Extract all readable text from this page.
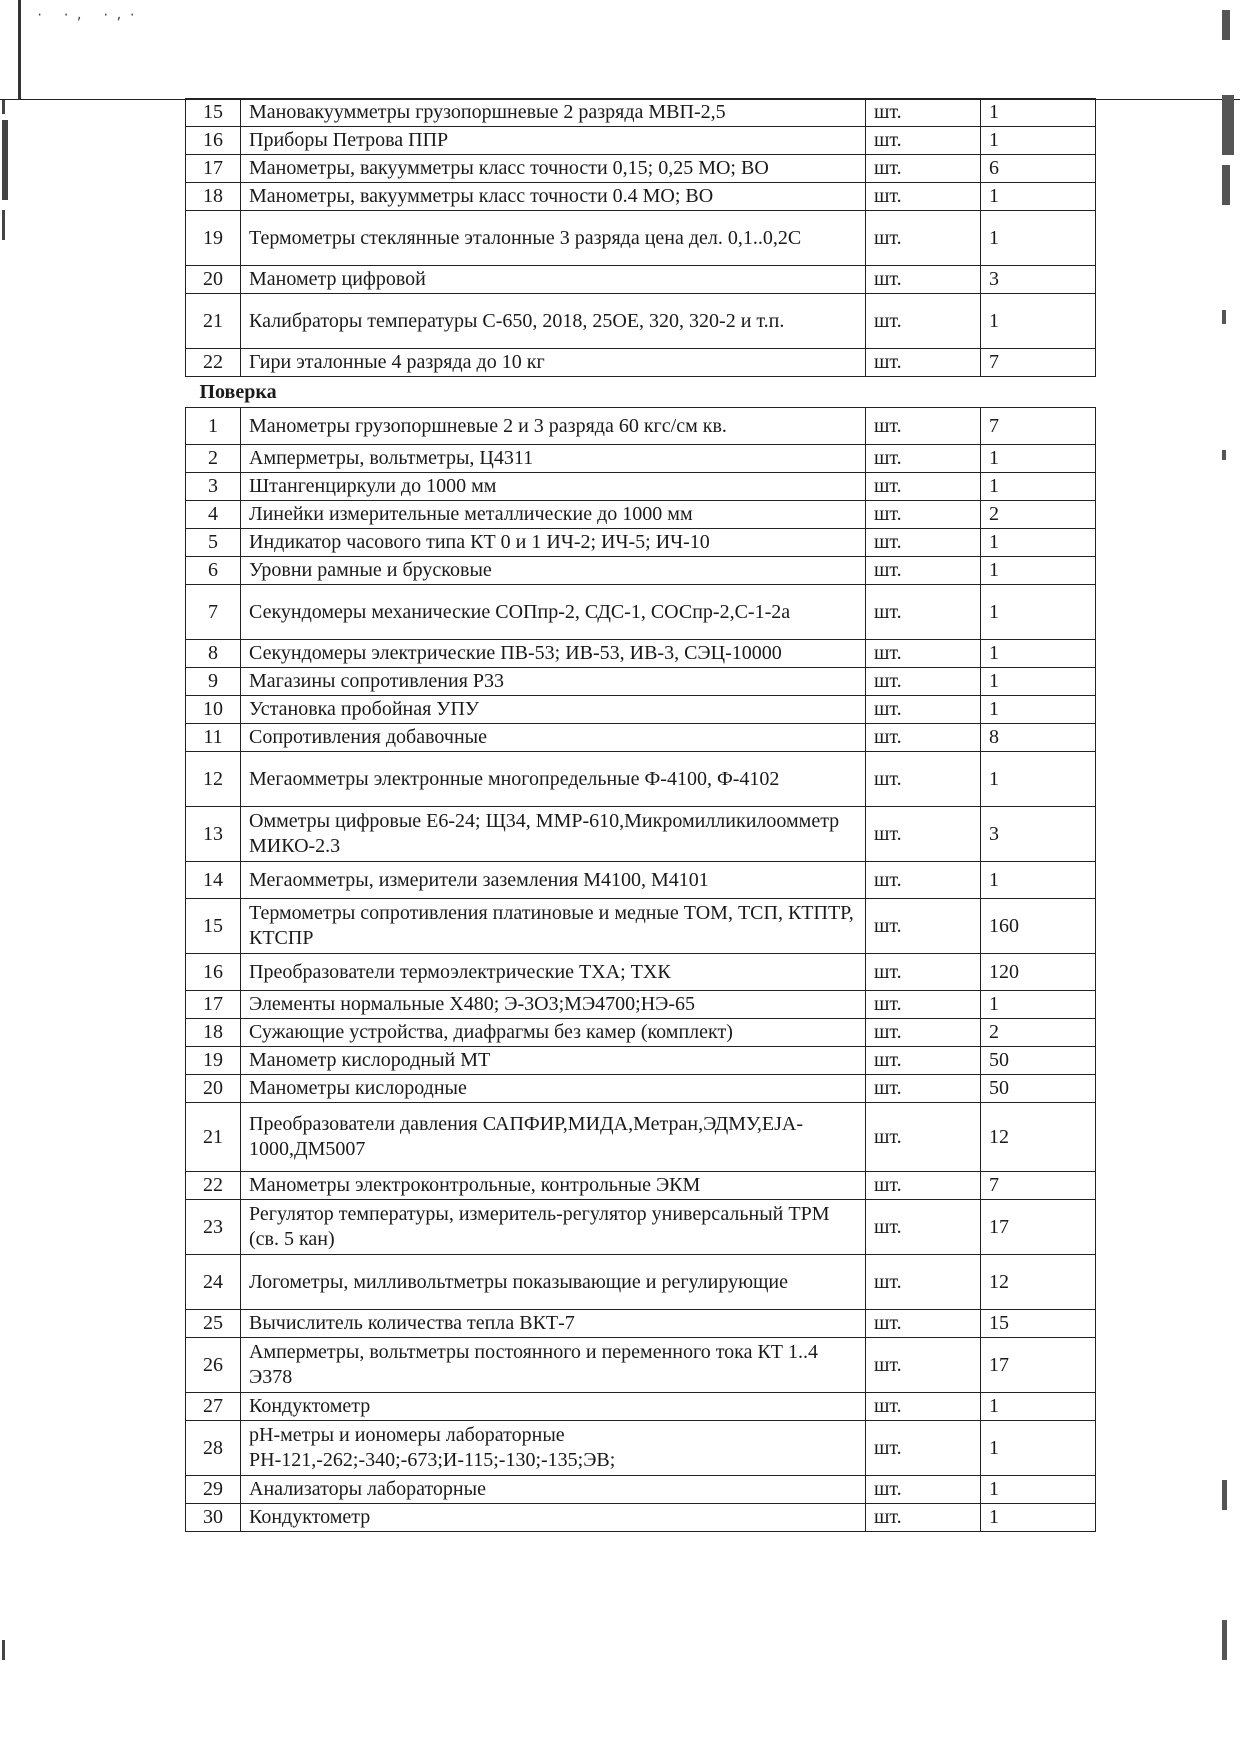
· ·, ·,·
15	Мановакуумметры грузопоршневые 2 разряда МВП-2,5	шт.	1
16	Приборы Петрова ППР	шт.	1
17	Манометры, вакуумметры класс точности 0,15; 0,25 МО; ВО	шт.	6
18	Манометры, вакуумметры класс точности 0.4 МО; ВО	шт.	1
19	Термометры стеклянные эталонные 3 разряда цена дел. 0,1..0,2С	шт.	1
20	Манометр цифровой	шт.	3
21	Калибраторы температуры С-650, 2018, 25ОЕ, 320, 320-2 и т.п.	шт.	1
22	Гири эталонные 4 разряда до 10 кг	шт.	7
Поверка			
1	Манометры грузопоршневые 2 и 3 разряда 60 кгс/см кв.	шт.	7
2	Амперметры, вольтметры, Ц4311	шт.	1
3	Штангенциркули до 1000 мм	шт.	1
4	Линейки измерительные металлические до 1000 мм	шт.	2
5	Индикатор часового типа КТ 0 и 1 ИЧ-2; ИЧ-5; ИЧ-10	шт.	1
6	Уровни рамные и брусковые	шт.	1
7	Секундомеры механические СОПпр-2, СДС-1, СОСпр-2,С-1-2а	шт.	1
8	Секундомеры электрические ПВ-53; ИВ-53, ИВ-3, СЭЦ-10000	шт.	1
9	Магазины сопротивления Р33	шт.	1
10	Установка пробойная УПУ	шт.	1
11	Сопротивления добавочные	шт.	8
12	Мегаомметры электронные многопредельные Ф-4100, Ф-4102	шт.	1
13	Омметры цифровые Е6-24; Щ34, ММР-610,Микромилликилоомметр МИКО-2.3	шт.	3
14	Мегаомметры, измерители заземления М4100, М4101	шт.	1
15	Термометры сопротивления платиновые и медные ТОМ, ТСП, КТПТР, КТСПР	шт.	160
16	Преобразователи термоэлектрические ТХА; ТХК	шт.	120
17	Элементы нормальные Х480; Э-3О3;МЭ4700;НЭ-65	шт.	1
18	Сужающие устройства, диафрагмы без камер (комплект)	шт.	2
19	Манометр кислородный МТ	шт.	50
20	Манометры кислородные	шт.	50
21	Преобразователи давления САПФИР,МИДА,Метран,ЭДМУ,EJA-1000,ДМ5007	шт.	12
22	Манометры электроконтрольные, контрольные ЭКМ	шт.	7
23	Регулятор температуры, измеритель-регулятор универсальный ТРМ (св. 5 кан)	шт.	17
24	Логометры, милливольтметры показывающие и регулирующие	шт.	12
25	Вычислитель количества тепла ВКТ-7	шт.	15
26	Амперметры, вольтметры постоянного и переменного тока КТ 1..4 Э378	шт.	17
27	Кондуктометр	шт.	1
28	рН-метры и иономеры лабораторные РН-121,-262;-340;-673;И-115;-130;-135;ЭВ;	шт.	1
29	Анализаторы лабораторные	шт.	1
30	Кондуктометр	шт.	1
